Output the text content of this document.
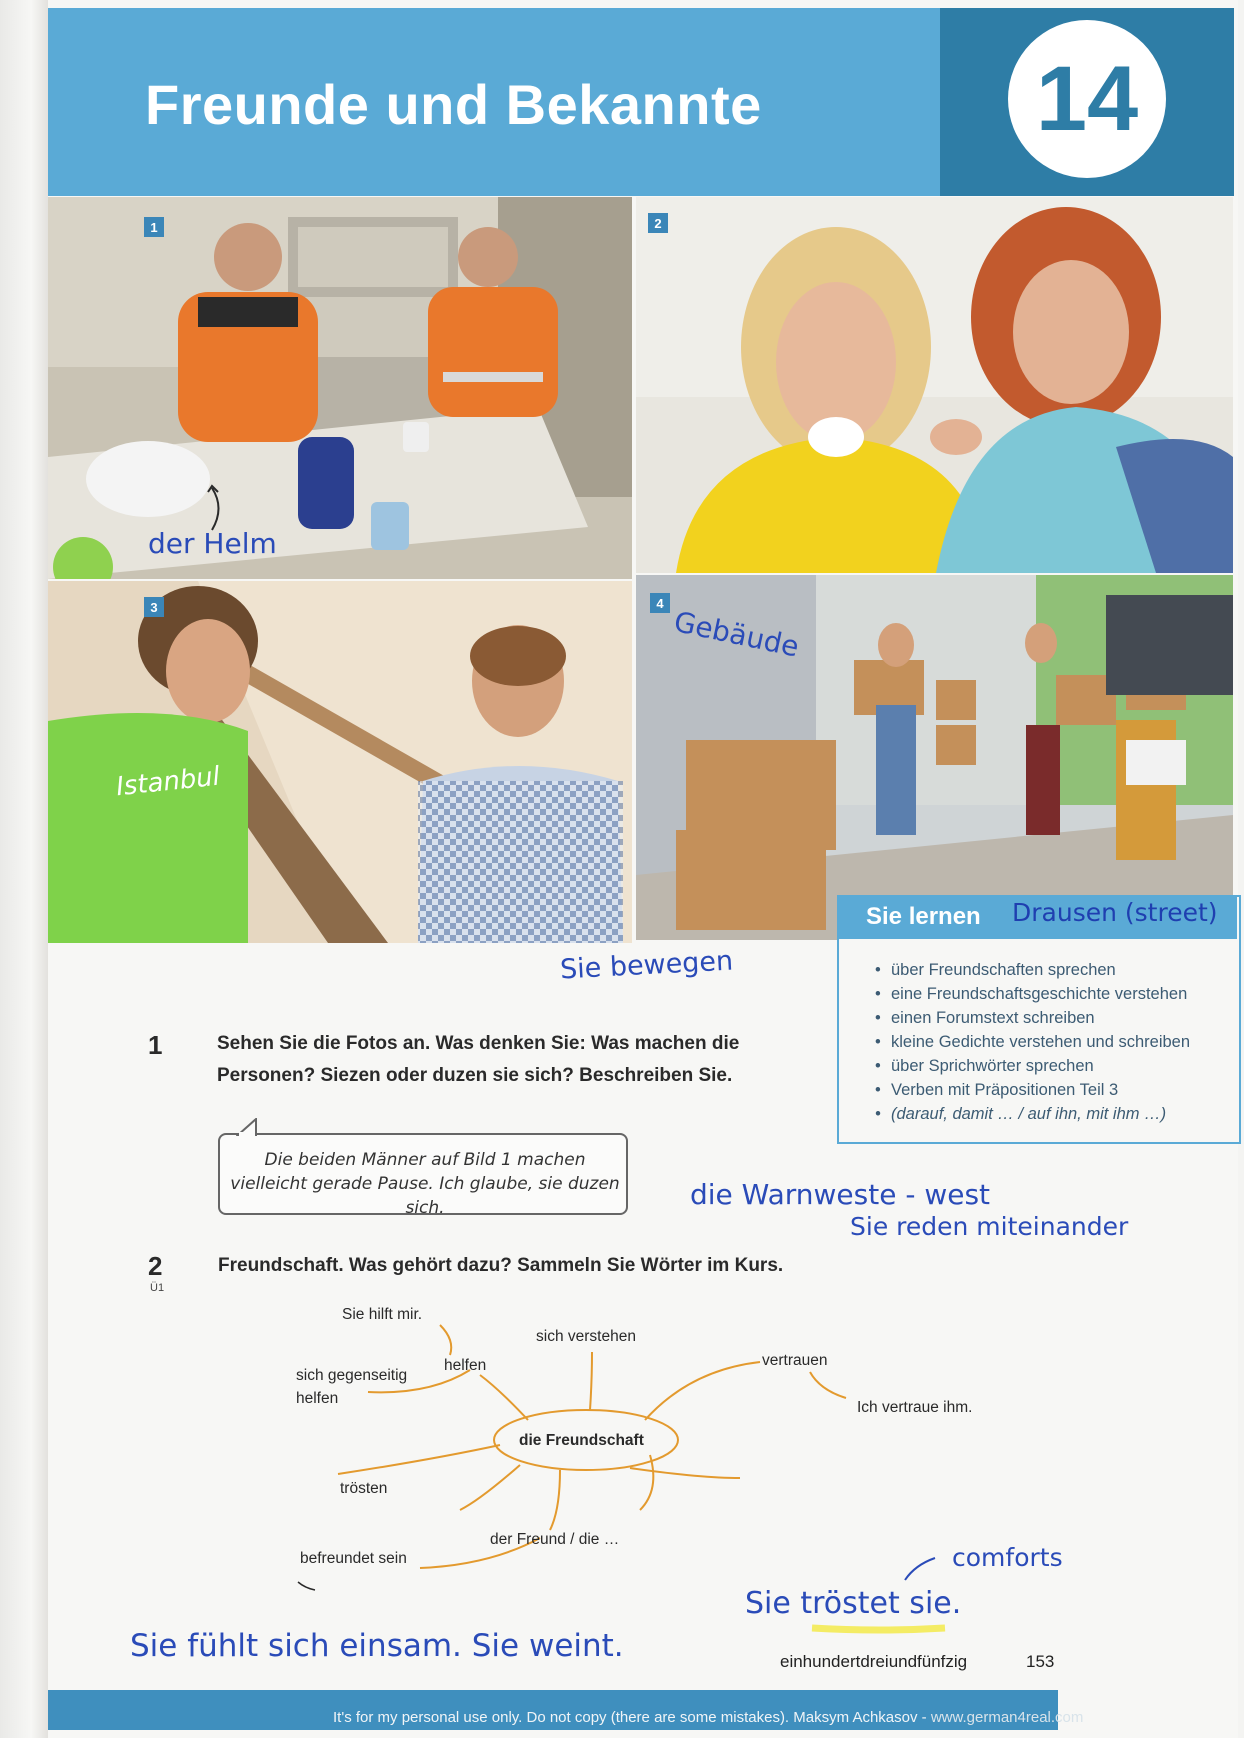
Freunde und Bekannte	14
1
der Helm
2
3
Istanbul
4
Gebäude
Sie lernen Drausen (street)
• über Freundschaften sprechen
• eine Freundschaftsgeschichte verstehen
• einen Forumstext schreiben
• kleine Gedichte verstehen und schreiben
• über Sprichwörter sprechen
• Verben mit Präpositionen Teil 3
• (darauf, damit … / auf ihn, mit ihm …)
Sie bewegen
die Warnweste - west
Sie reden miteinander
comforts
Sie tröstet sie.
Sie fühlt sich einsam. Sie weint.
1	Sehen Sie die Fotos an. Was denken Sie: Was machen die Personen? Siezen oder duzen sie sich? Beschreiben Sie.
Die beiden Männer auf Bild 1 machen vielleicht gerade Pause. Ich glaube, sie duzen sich.
2
Ü1
Freundschaft. Was gehört dazu? Sammeln Sie Wörter im Kurs.
die Freundschaft
Sie hilft mir.
sich verstehen
sich gegenseitig helfen
helfen	vertrauen
Ich vertraue ihm.
trösten
der Freund / die …
befreundet sein
einhundertdreiundfünfzig	153
It's for my personal use only. Do not copy (there are some mistakes). Maksym Achkasov - www.german4real.com
